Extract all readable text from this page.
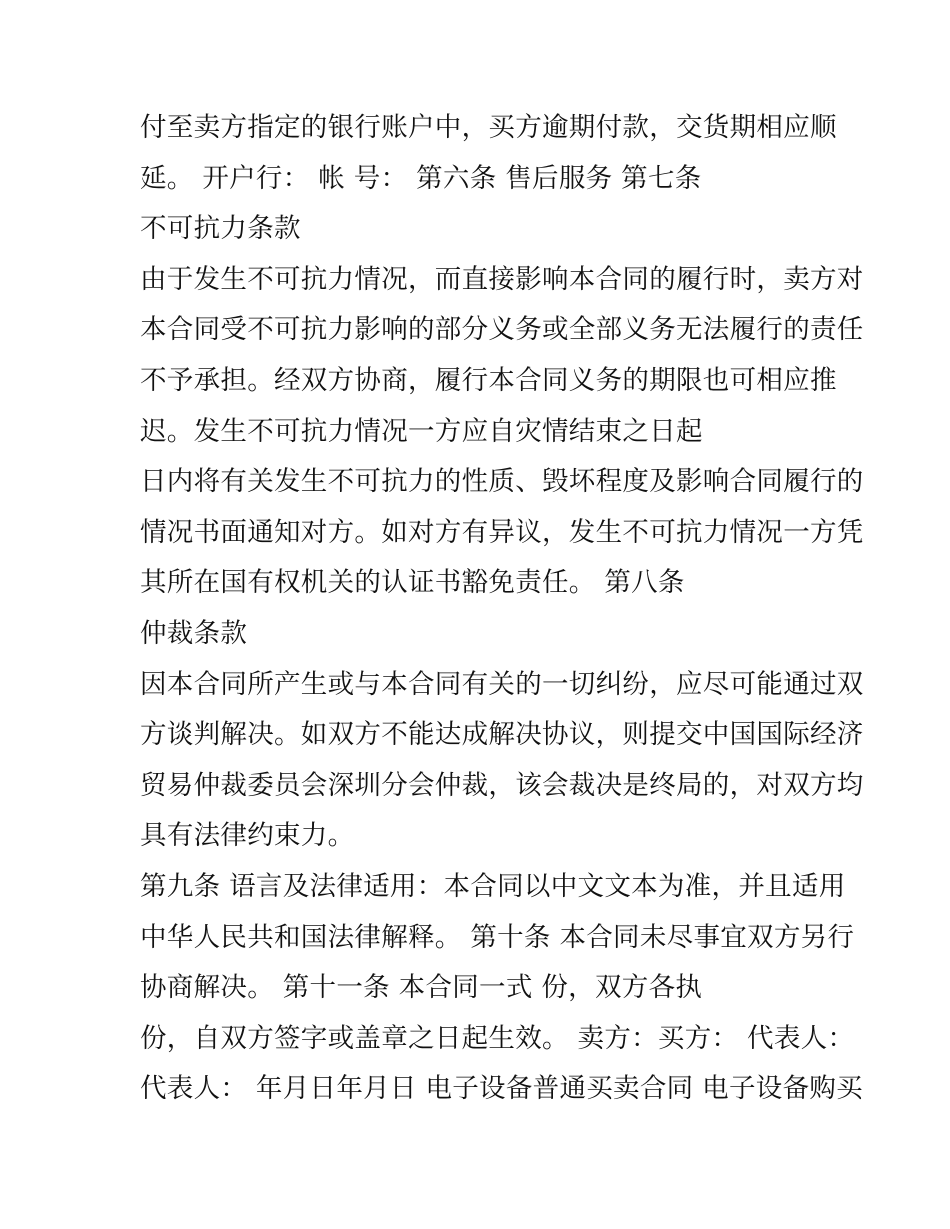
付至卖方指定的银行账户中，买方逾期付款，交货期相应顺
延。 开户行： 帐 号： 第六条 售后服务 第七条
不可抗力条款
由于发生不可抗力情况，而直接影响本合同的履行时，卖方对
本合同受不可抗力影响的部分义务或全部义务无法履行的责任
不予承担。经双方协商，履行本合同义务的期限也可相应推
迟。发生不可抗力情况一方应自灾情结束之日起
日内将有关发生不可抗力的性质、毁坏程度及影响合同履行的
情况书面通知对方。如对方有异议，发生不可抗力情况一方凭
其所在国有权机关的认证书豁免责任。 第八条
仲裁条款
因本合同所产生或与本合同有关的一切纠纷，应尽可能通过双
方谈判解决。如双方不能达成解决协议，则提交中国国际经济
贸易仲裁委员会深圳分会仲裁，该会裁决是终局的，对双方均
具有法律约束力。
第九条 语言及法律适用：本合同以中文文本为准，并且适用
中华人民共和国法律解释。 第十条 本合同未尽事宜双方另行
协商解决。 第十一条 本合同一式 份，双方各执
份，自双方签字或盖章之日起生效。 卖方：买方： 代表人：
代表人： 年月日年月日 电子设备普通买卖合同 电子设备购买
